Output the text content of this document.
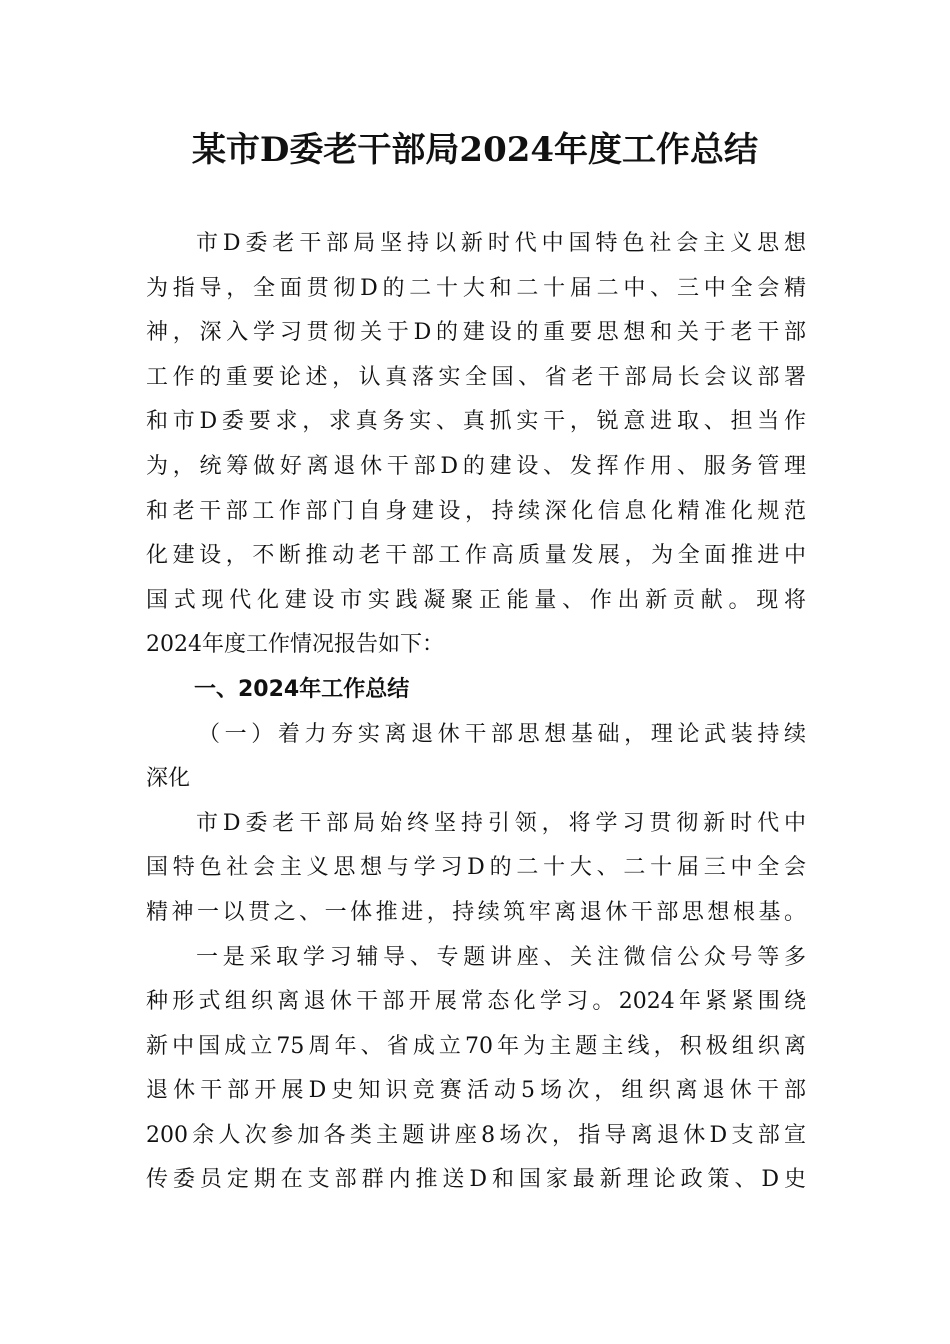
某市D委老干部局2024年度工作总结
市D委老干部局坚持以新时代中国特色社会主义思想
为指导，全面贯彻D的二十大和二十届二中、三中全会精
神，深入学习贯彻关于D的建设的重要思想和关于老干部
工作的重要论述，认真落实全国、省老干部局长会议部署
和市D委要求，求真务实、真抓实干，锐意进取、担当作
为，统筹做好离退休干部D的建设、发挥作用、服务管理
和老干部工作部门自身建设，持续深化信息化精准化规范
化建设，不断推动老干部工作高质量发展，为全面推进中
国式现代化建设市实践凝聚正能量、作出新贡献。现将
2024年度工作情况报告如下：
一、2024年工作总结
（一）着力夯实离退休干部思想基础，理论武装持续
深化
市D委老干部局始终坚持引领，将学习贯彻新时代中
国特色社会主义思想与学习D的二十大、二十届三中全会
精神一以贯之、一体推进，持续筑牢离退休干部思想根基。
一是采取学习辅导、专题讲座、关注微信公众号等多
种形式组织离退休干部开展常态化学习。2024年紧紧围绕
新中国成立75周年、省成立70年为主题主线，积极组织离
退休干部开展D史知识竞赛活动5场次，组织离退休干部
200余人次参加各类主题讲座8场次，指导离退休D支部宣
传委员定期在支部群内推送D和国家最新理论政策、D史
